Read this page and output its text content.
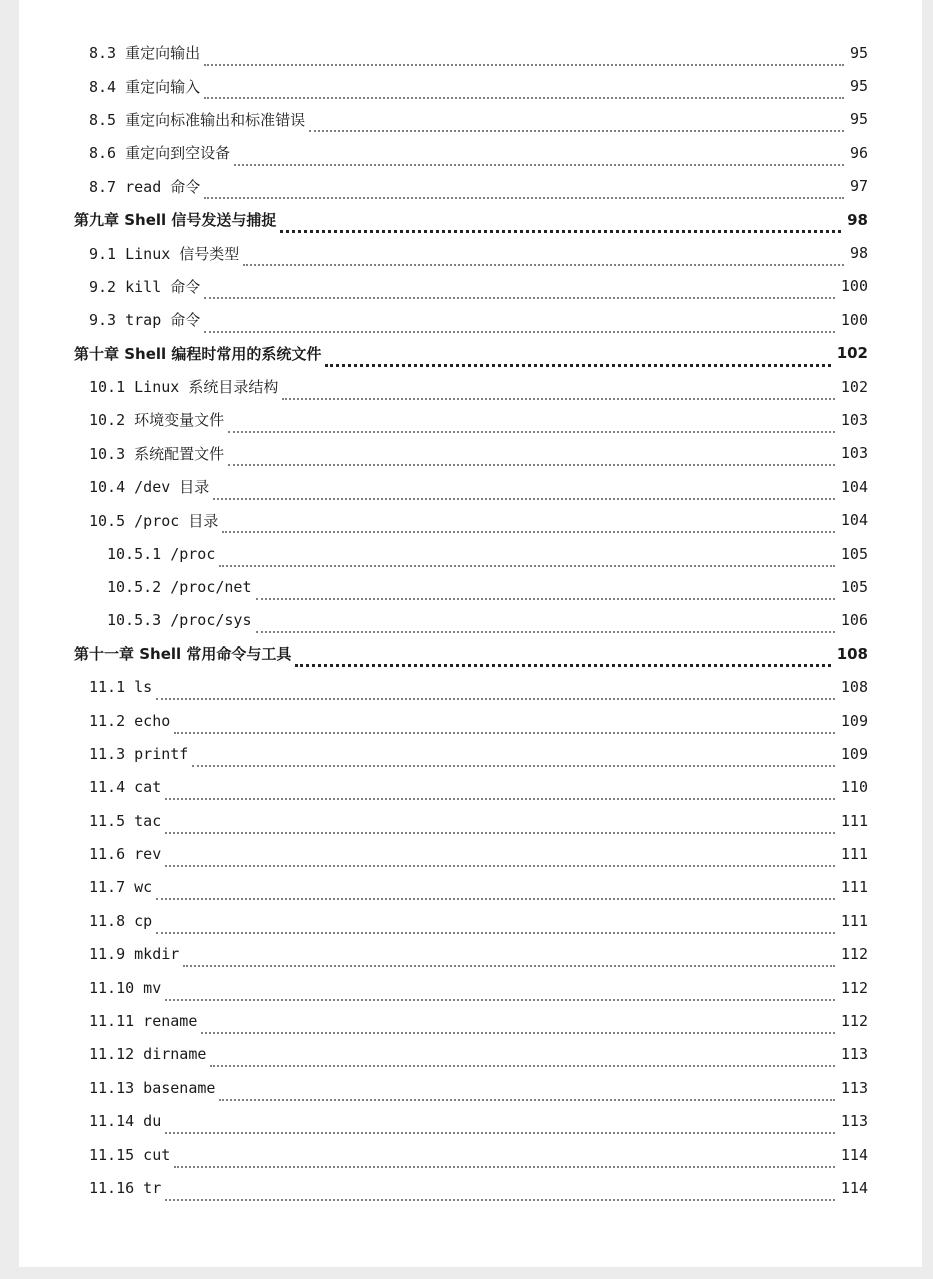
8.3 重定向输出	95
8.4 重定向输入	95
8.5 重定向标准输出和标准错误	95
8.6 重定向到空设备	96
8.7 read 命令	97
第九章 Shell 信号发送与捕捉	98
9.1 Linux 信号类型	98
9.2 kill 命令	100
9.3 trap 命令	100
第十章 Shell 编程时常用的系统文件	102
10.1 Linux 系统目录结构	102
10.2 环境变量文件	103
10.3 系统配置文件	103
10.4 /dev 目录	104
10.5 /proc 目录	104
10.5.1 /proc	105
10.5.2 /proc/net	105
10.5.3 /proc/sys	106
第十一章 Shell 常用命令与工具	108
11.1 ls	108
11.2 echo	109
11.3 printf	109
11.4 cat	110
11.5 tac	111
11.6 rev	111
11.7 wc	111
11.8 cp	111
11.9 mkdir	112
11.10 mv	112
11.11 rename	112
11.12 dirname	113
11.13 basename	113
11.14 du	113
11.15 cut	114
11.16 tr	114
